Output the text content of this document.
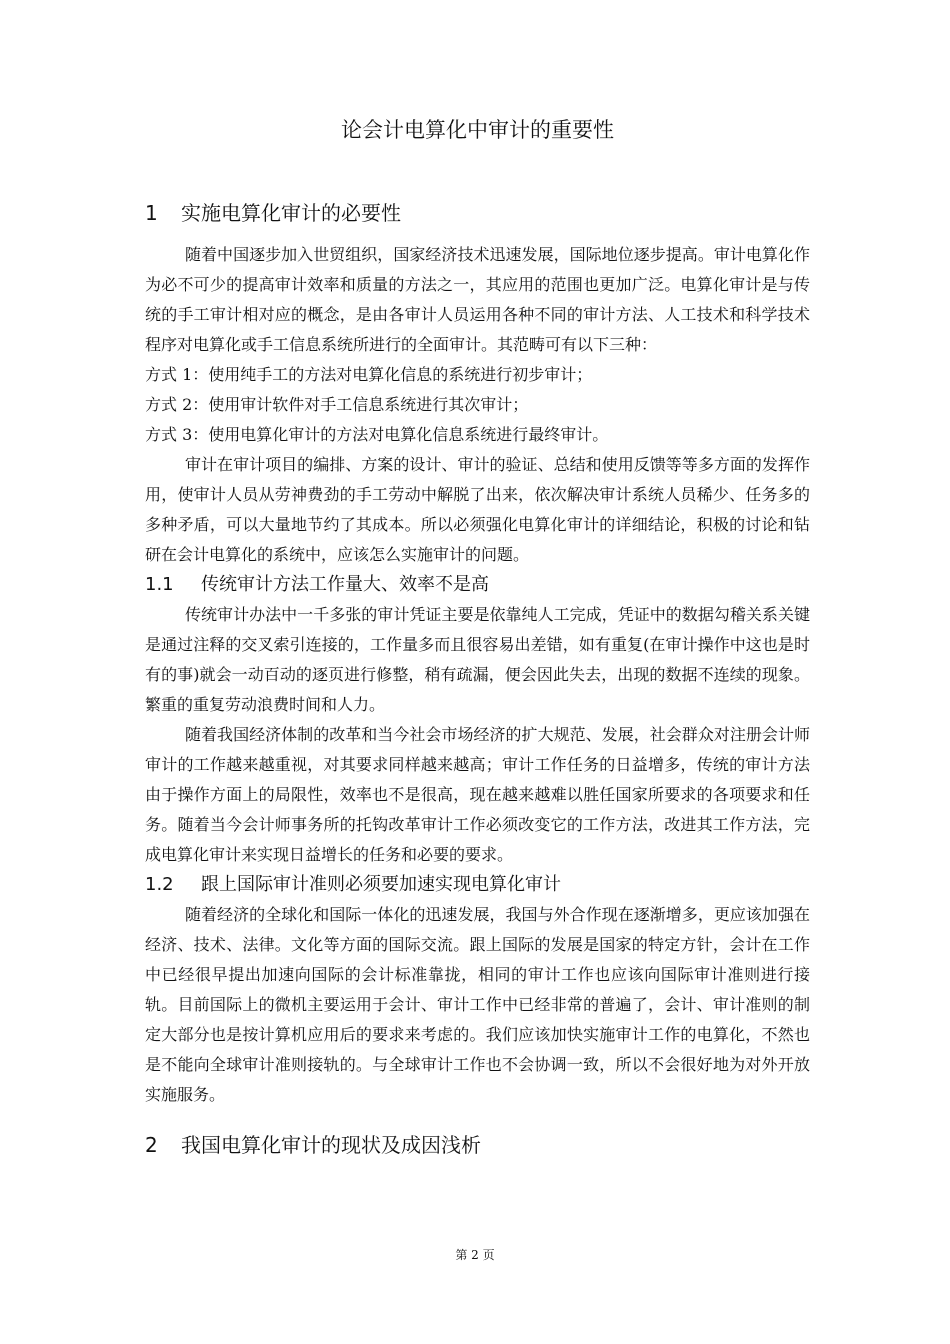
论会计电算化中审计的重要性
1 实施电算化审计的必要性

随着中国逐步加入世贸组织，国家经济技术迅速发展，国际地位逐步提高。审计电算化作为必不可少的提高审计效率和质量的方法之一，其应用的范围也更加广泛。电算化审计是与传统的手工审计相对应的概念，是由各审计人员运用各种不同的审计方法、人工技术和科学技术程序对电算化或手工信息系统所进行的全面审计。其范畴可有以下三种：

方式 1：使用纯手工的方法对电算化信息的系统进行初步审计；

方式 2：使用审计软件对手工信息系统进行其次审计；

方式 3：使用电算化审计的方法对电算化信息系统进行最终审计。

审计在审计项目的编排、方案的设计、审计的验证、总结和使用反馈等等多方面的发挥作用，使审计人员从劳神费劲的手工劳动中解脱了出来，依次解决审计系统人员稀少、任务多的多种矛盾，可以大量地节约了其成本。所以必须强化电算化审计的详细结论，积极的讨论和钻研在会计电算化的系统中，应该怎么实施审计的问题。

1.1 传统审计方法工作量大、效率不是高

传统审计办法中一千多张的审计凭证主要是依靠纯人工完成，凭证中的数据勾稽关系关键是通过注释的交叉索引连接的，工作量多而且很容易出差错，如有重复(在审计操作中这也是时有的事)就会一动百动的逐页进行修整，稍有疏漏，便会因此失去，出现的数据不连续的现象。繁重的重复劳动浪费时间和人力。

随着我国经济体制的改革和当今社会市场经济的扩大规范、发展，社会群众对注册会计师审计的工作越来越重视，对其要求同样越来越高；审计工作任务的日益增多，传统的审计方法由于操作方面上的局限性，效率也不是很高，现在越来越难以胜任国家所要求的各项要求和任务。随着当今会计师事务所的托钩改革审计工作必须改变它的工作方法，改进其工作方法，完成电算化审计来实现日益增长的任务和必要的要求。

1.2 跟上国际审计准则必须要加速实现电算化审计

随着经济的全球化和国际一体化的迅速发展，我国与外合作现在逐渐增多，更应该加强在经济、技术、法律。文化等方面的国际交流。跟上国际的发展是国家的特定方针，会计在工作中已经很早提出加速向国际的会计标准靠拢，相同的审计工作也应该向国际审计准则进行接轨。目前国际上的微机主要运用于会计、审计工作中已经非常的普遍了，会计、审计准则的制定大部分也是按计算机应用后的要求来考虑的。我们应该加快实施审计工作的电算化，不然也是不能向全球审计准则接轨的。与全球审计工作也不会协调一致，所以不会很好地为对外开放实施服务。

2 我国电算化审计的现状及成因浅析
第 2 页
